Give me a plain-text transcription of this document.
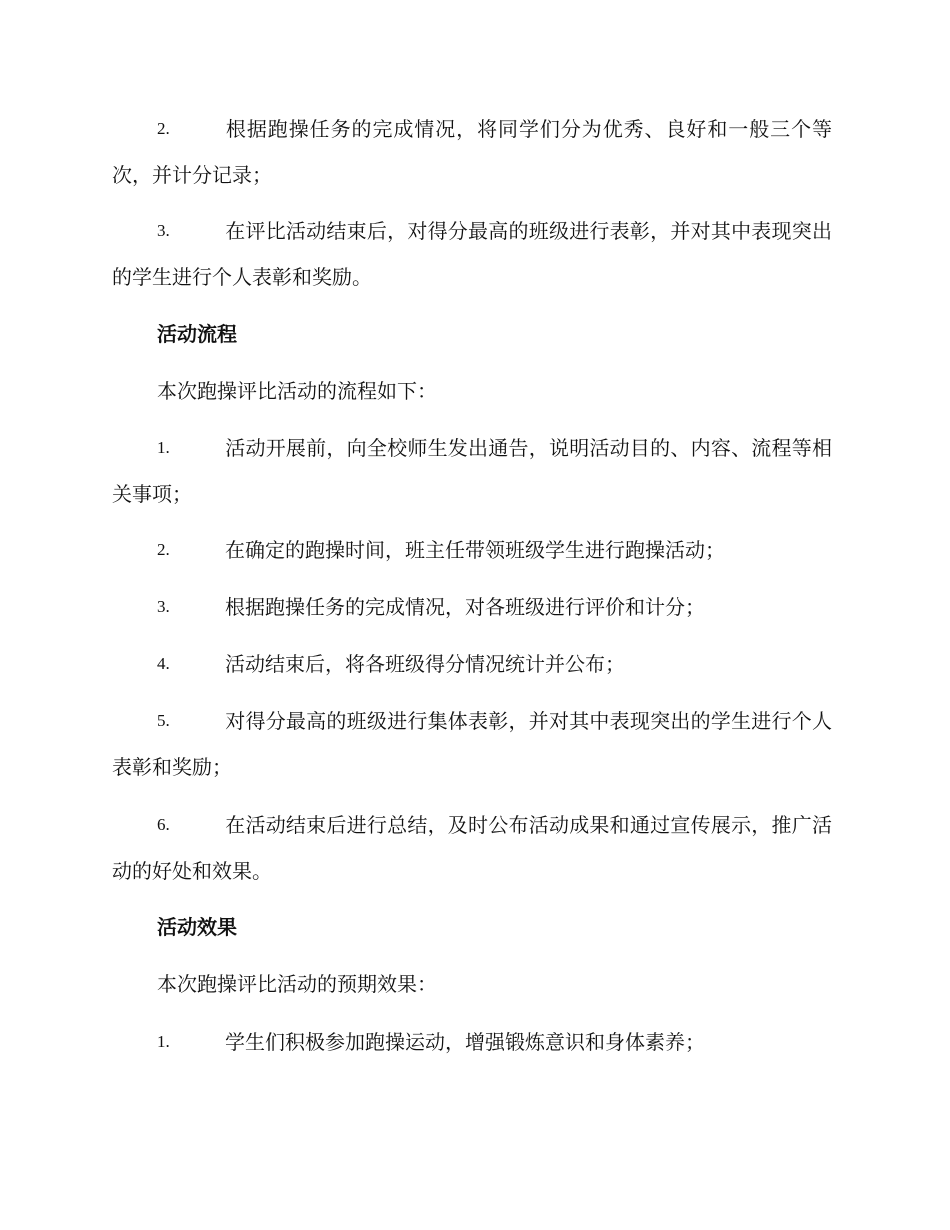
2.	根据跑操任务的完成情况，将同学们分为优秀、良好和一般三个等次，并计分记录；
3.	在评比活动结束后，对得分最高的班级进行表彰，并对其中表现突出的学生进行个人表彰和奖励。
活动流程
本次跑操评比活动的流程如下：
1.	活动开展前，向全校师生发出通告，说明活动目的、内容、流程等相关事项；
2.	在确定的跑操时间，班主任带领班级学生进行跑操活动；
3.	根据跑操任务的完成情况，对各班级进行评价和计分；
4.	活动结束后，将各班级得分情况统计并公布；
5.	对得分最高的班级进行集体表彰，并对其中表现突出的学生进行个人表彰和奖励；
6.	在活动结束后进行总结，及时公布活动成果和通过宣传展示，推广活动的好处和效果。
活动效果
本次跑操评比活动的预期效果：
1.	学生们积极参加跑操运动，增强锻炼意识和身体素养；
